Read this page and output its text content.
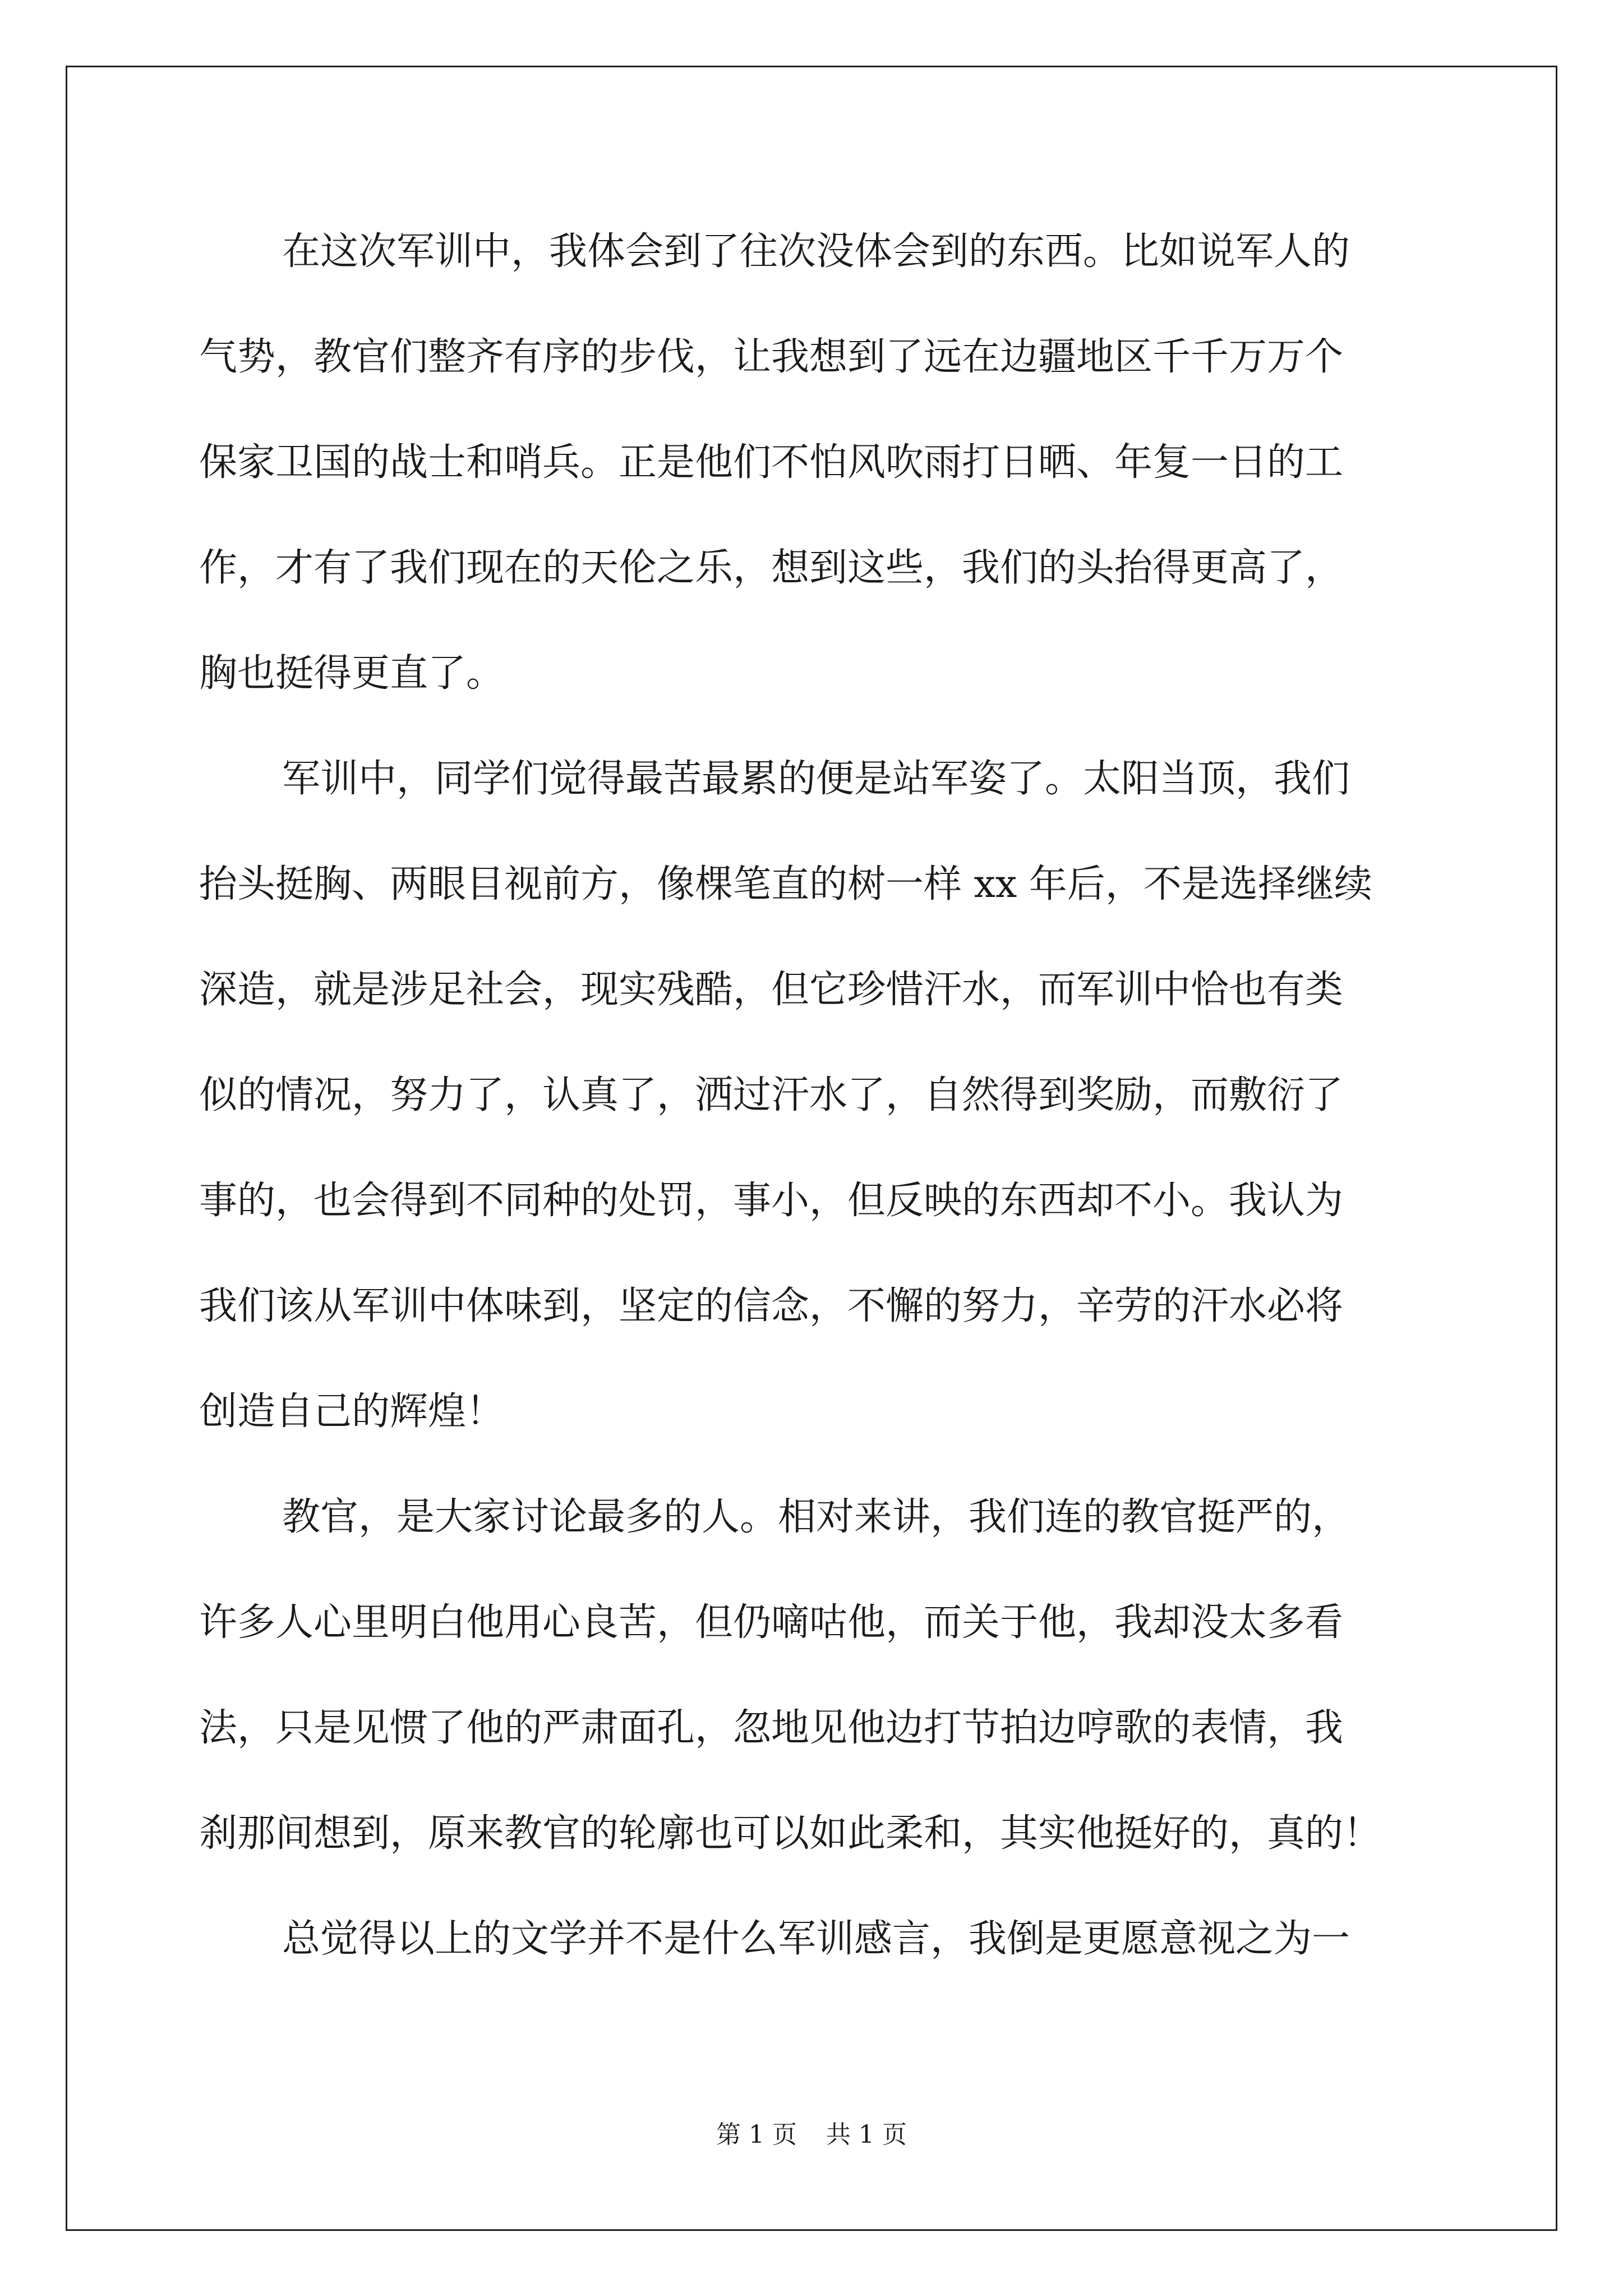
在这次军训中，我体会到了往次没体会到的东西。比如说军人的
气势，教官们整齐有序的步伐，让我想到了远在边疆地区千千万万个
保家卫国的战士和哨兵。正是他们不怕风吹雨打日晒、年复一日的工
作，才有了我们现在的天伦之乐，想到这些，我们的头抬得更高了，
胸也挺得更直了。
军训中，同学们觉得最苦最累的便是站军姿了。太阳当顶，我们
抬头挺胸、两眼目视前方，像棵笔直的树一样 xx 年后，不是选择继续
深造，就是涉足社会，现实残酷，但它珍惜汗水，而军训中恰也有类
似的情况，努力了，认真了，洒过汗水了，自然得到奖励，而敷衍了
事的，也会得到不同种的处罚，事小，但反映的东西却不小。我认为
我们该从军训中体味到，坚定的信念，不懈的努力，辛劳的汗水必将
创造自己的辉煌！
教官，是大家讨论最多的人。相对来讲，我们连的教官挺严的，
许多人心里明白他用心良苦，但仍嘀咕他，而关于他，我却没太多看
法，只是见惯了他的严肃面孔，忽地见他边打节拍边哼歌的表情，我
刹那间想到，原来教官的轮廓也可以如此柔和，其实他挺好的，真的！
总觉得以上的文学并不是什么军训感言，我倒是更愿意视之为一
第 1 页 共 1 页
